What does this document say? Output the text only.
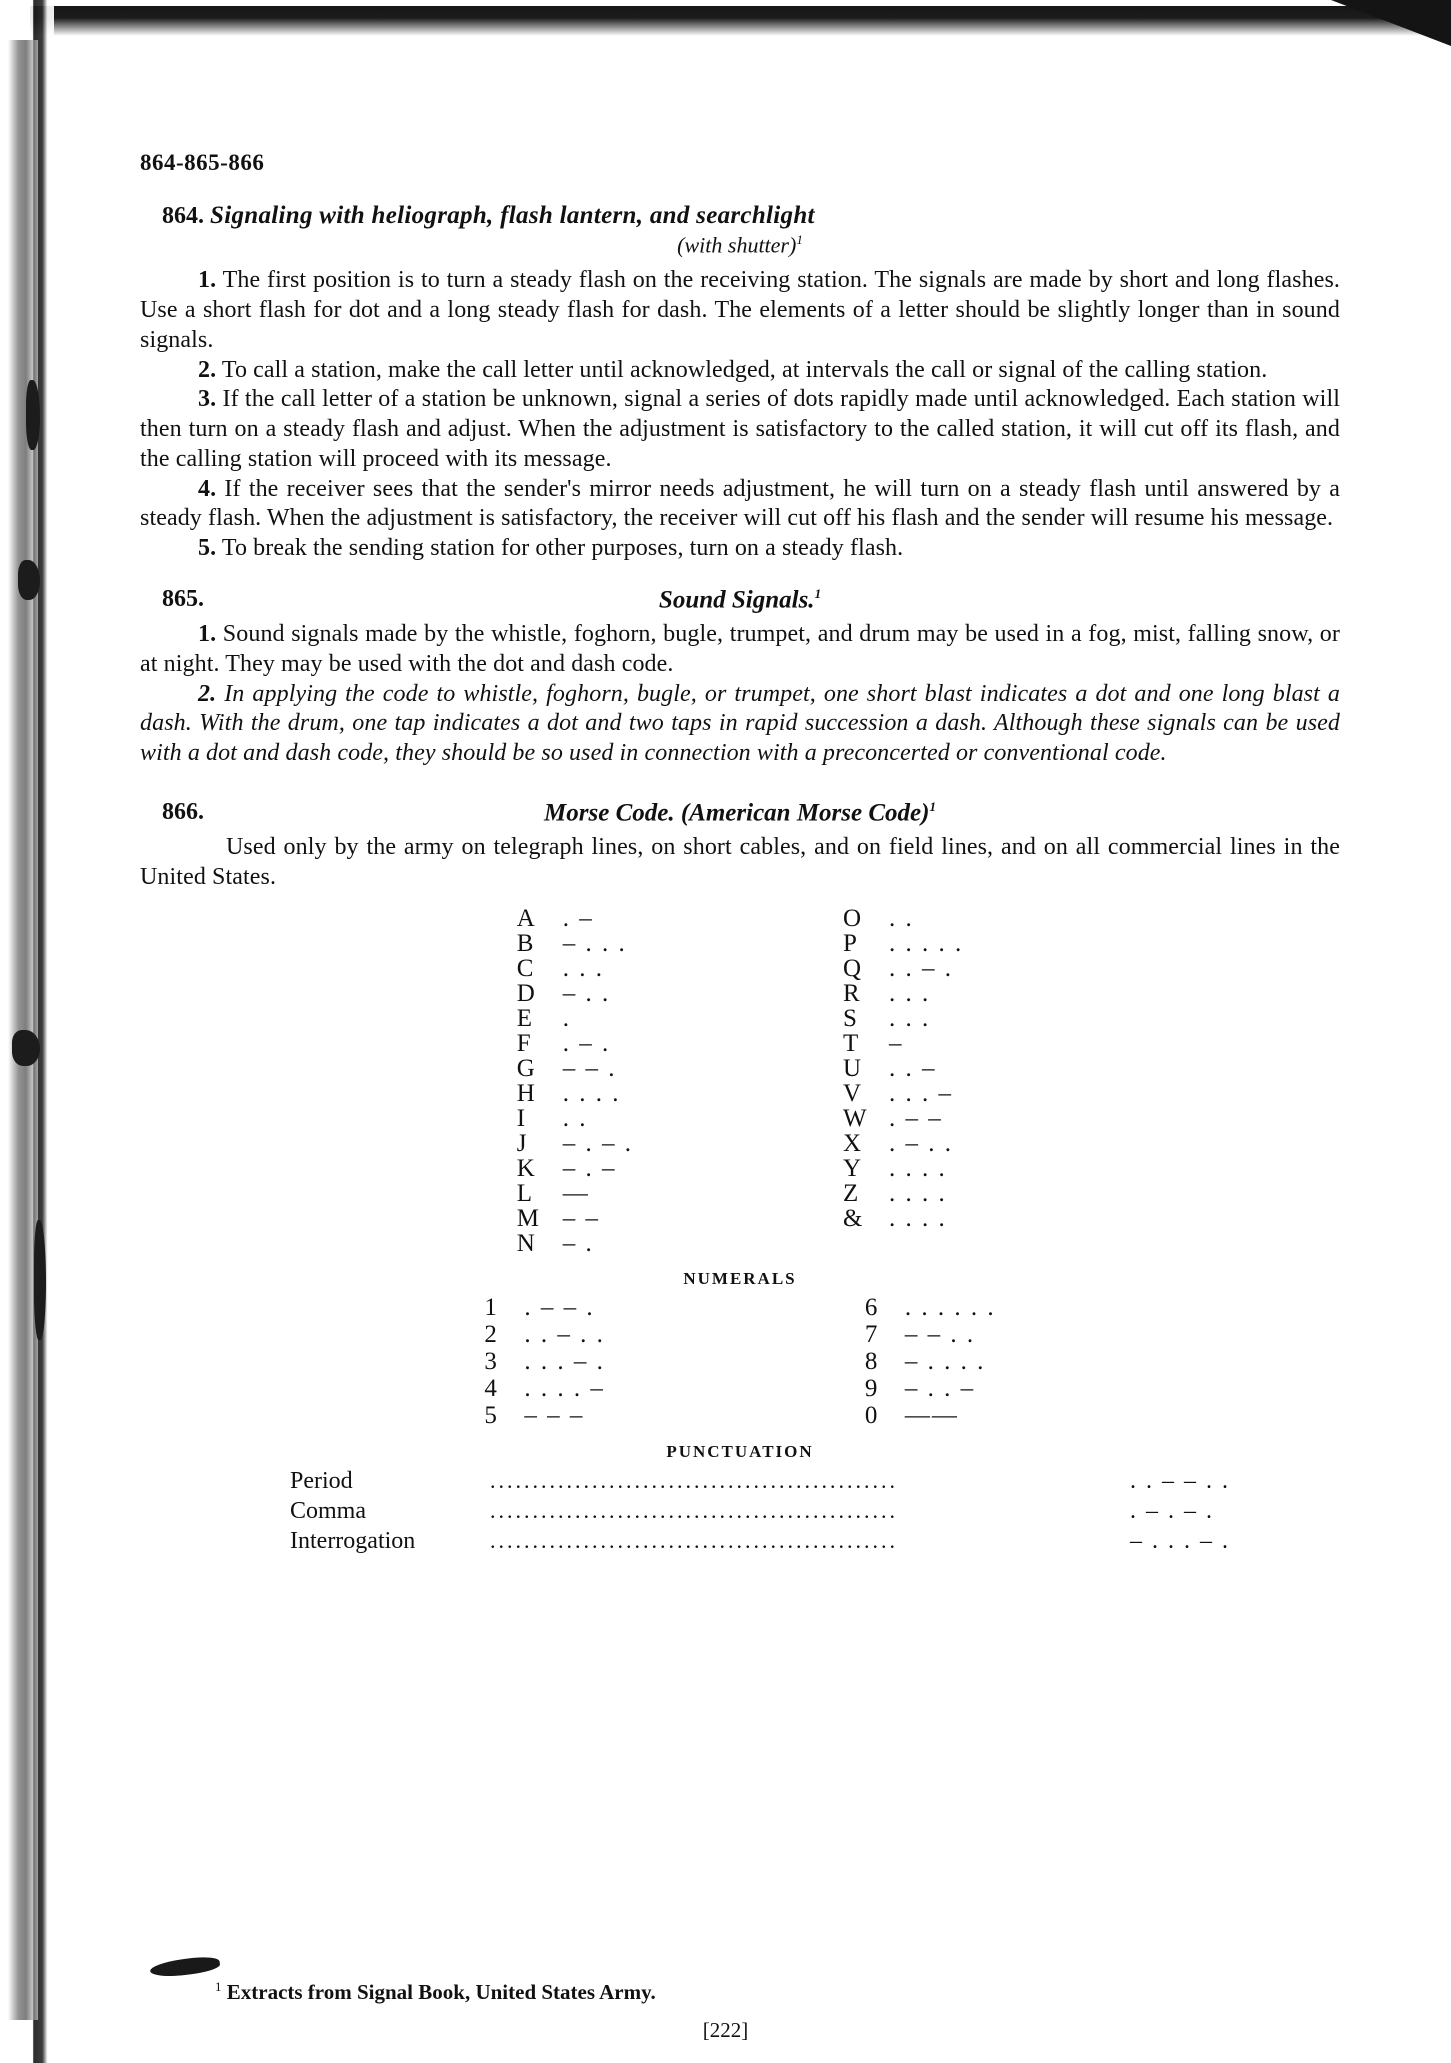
864-865-866
864. Signaling with heliograph, flash lantern, and searchlight
(with shutter)$^1$

1. The first position is to turn a steady flash on the receiving station. The signals are made by short and long flashes. Use a short flash for dot and a long steady flash for dash. The elements of a letter should be slightly longer than in sound signals.

2. To call a station, make the call letter until acknowledged, at intervals the call or signal of the calling station.

3. If the call letter of a station be unknown, signal a series of dots rapidly made until acknowledged. Each station will then turn on a steady flash and adjust. When the adjustment is satisfactory to the called station, it will cut off its flash, and the calling station will proceed with its message.

4. If the receiver sees that the sender's mirror needs adjustment, he will turn on a steady flash until answered by a steady flash. When the adjustment is satisfactory, the receiver will cut off his flash and the sender will resume his message.

5. To break the sending station for other purposes, turn on a steady flash.

865.	Sound Signals.$^1$

1. Sound signals made by the whistle, foghorn, bugle, trumpet, and drum may be used in a fog, mist, falling snow, or at night. They may be used with the dot and dash code.

2. In applying the code to whistle, foghorn, bugle, or trumpet, one short blast indicates a dot and one long blast a dash. With the drum, one tap indicates a dot and two taps in rapid succession a dash. Although these signals can be used with a dot and dash code, they should be so used in connection with a preconcerted or conventional code.

866.	Morse Code. (American Morse Code)$^1$

Used only by the army on telegraph lines, on short cables, and on field lines, and on all commercial lines in the United States.

A	. –
B	– . . .
C	. . .
D	– . .
E	.
F	. – .
G	– – .
H	. . . .
I	. .
J	– . – .
K	– . –
L	—
M – –
N	– .
O	. .
P	. . . . .
Q	. . – .
R	. . .
S	. . .
T	–
U	. . –
V	. . . –
W . – –
X	. – . .
Y	. . . .
Z	. . . .
&	. . . .
NUMERALS
1	. – – .
2	. . – . .
3	. . . – .
4	. . . . –
5	– – –
6	. . . . . .
7	– – . .
8	– . . . .
9	– . . –
0	——
PUNCTUATION
Period	................................................	. . – – . .
Comma	................................................	. – . – .
Interrogation	................................................	– . . . – .
$^1$ Extracts from Signal Book, United States Army.
[222]
